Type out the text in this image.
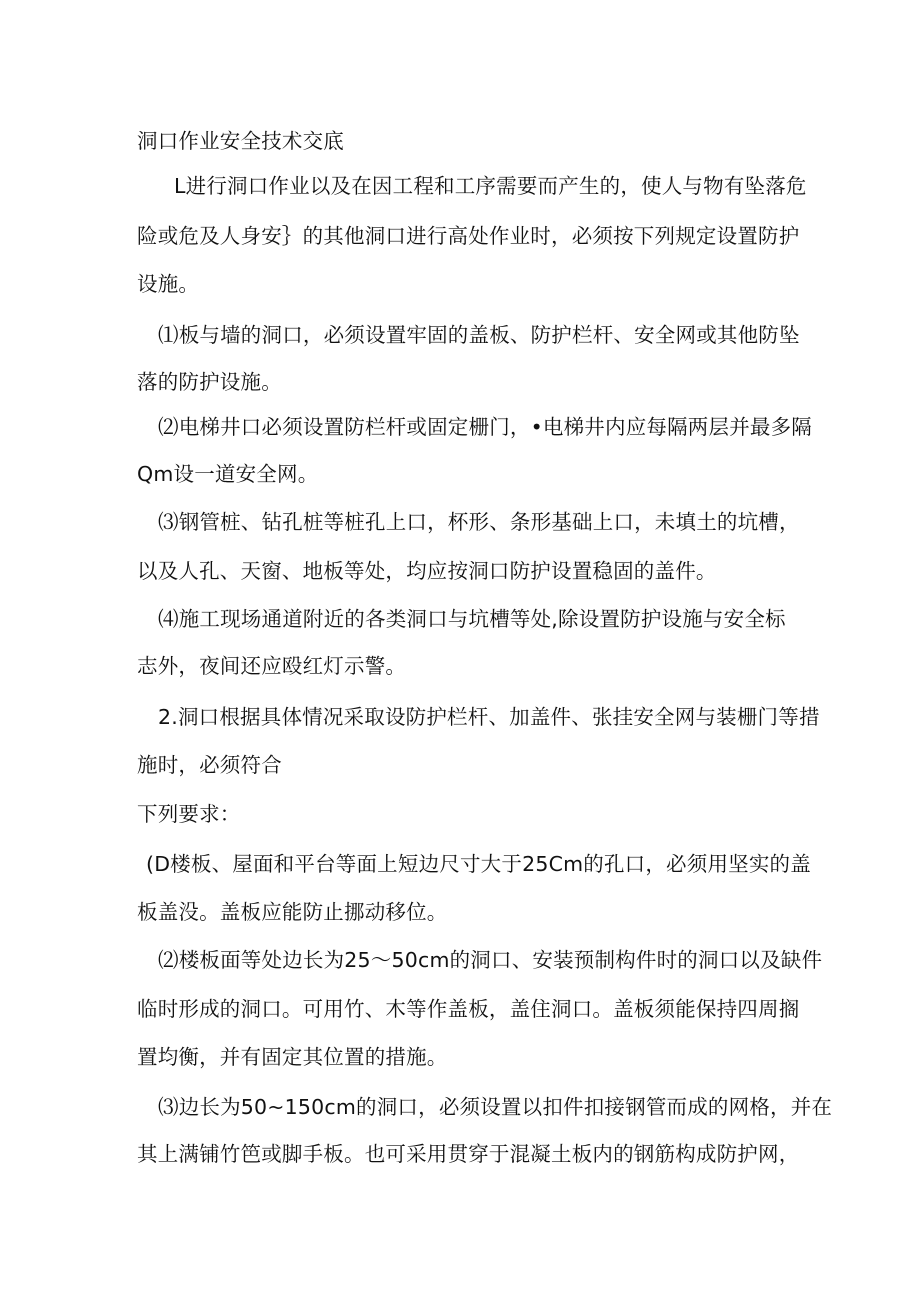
洞口作业安全技术交底
L进行洞口作业以及在因工程和工序需要而产生的，使人与物有坠落危
险或危及人身安｝的其他洞口进行高处作业时，必须按下列规定设置防护
设施。
⑴板与墙的洞口，必须设置牢固的盖板、防护栏杆、安全网或其他防坠
落的防护设施。
⑵电梯井口必须设置防栏杆或固定栅门，•电梯井内应每隔两层并最多隔
Qm设一道安全网。
⑶钢管桩、钻孔桩等桩孔上口，杯形、条形基础上口，未填土的坑槽，
以及人孔、天窗、地板等处，均应按洞口防护设置稳固的盖件。
⑷施工现场通道附近的各类洞口与坑槽等处,除设置防护设施与安全标
志外，夜间还应殴红灯示警。
2.洞口根据具体情况采取设防护栏杆、加盖件、张挂安全网与装栅门等措
施时，必须符合
下列要求：
(D楼板、屋面和平台等面上短边尺寸大于25Cm的孔口，必须用坚实的盖
板盖没。盖板应能防止挪动移位。
⑵楼板面等处边长为25〜50cm的洞口、安装预制构件时的洞口以及缺件
临时形成的洞口。可用竹、木等作盖板，盖住洞口。盖板须能保持四周搁
置均衡，并有固定其位置的措施。
⑶边长为50~150cm的洞口，必须设置以扣件扣接钢管而成的网格，并在
其上满铺竹笆或脚手板。也可采用贯穿于混凝土板内的钢筋构成防护网，
